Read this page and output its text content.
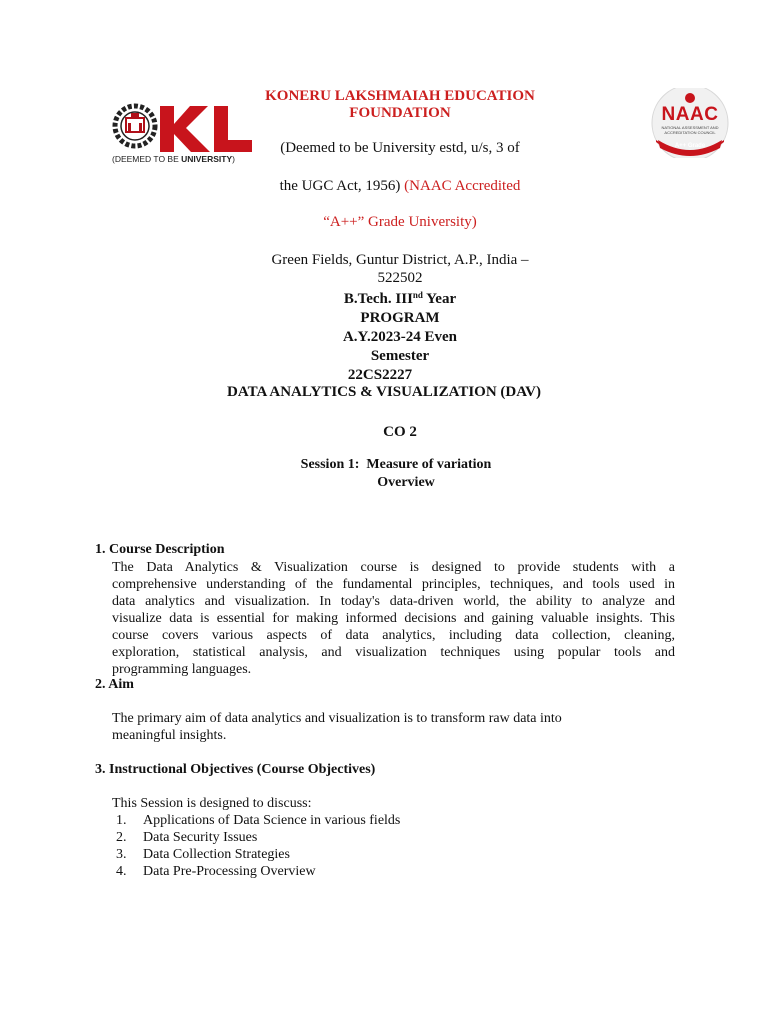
(DEEMED TO BE UNIVERSITY)
NAAC
NATIONAL ASSESSMENT AND
ACCREDITATION COUNCIL
A++ Grade
KONERU LAKSHMAIAH EDUCATION
FOUNDATION
(Deemed to be University estd, u/s, 3 of
the UGC Act, 1956) (NAAC Accredited
“A++” Grade University)
Green Fields, Guntur District, A.P., India – 522502
B.Tech. IIInd Year
PROGRAM
A.Y.2023-24 Even
Semester
22CS2227
DATA ANALYTICS & VISUALIZATION (DAV)
CO 2
Session 1:  Measure of variation
Overview
1. Course Description
The Data Analytics & Visualization course is designed to provide students with a
comprehensive understanding of the fundamental principles, techniques, and tools used in
data analytics and visualization. In today's data-driven world, the ability to analyze and
visualize data is essential for making informed decisions and gaining valuable insights. This
course covers various aspects of data analytics, including data collection, cleaning,
exploration, statistical analysis, and visualization techniques using popular tools and
programming languages.
2. Aim
The primary aim of data analytics and visualization is to transform raw data into
meaningful insights.
3. Instructional Objectives (Course Objectives)
This Session is designed to discuss:
1. Applications of Data Science in various fields
2. Data Security Issues
3. Data Collection Strategies
4. Data Pre-Processing Overview
